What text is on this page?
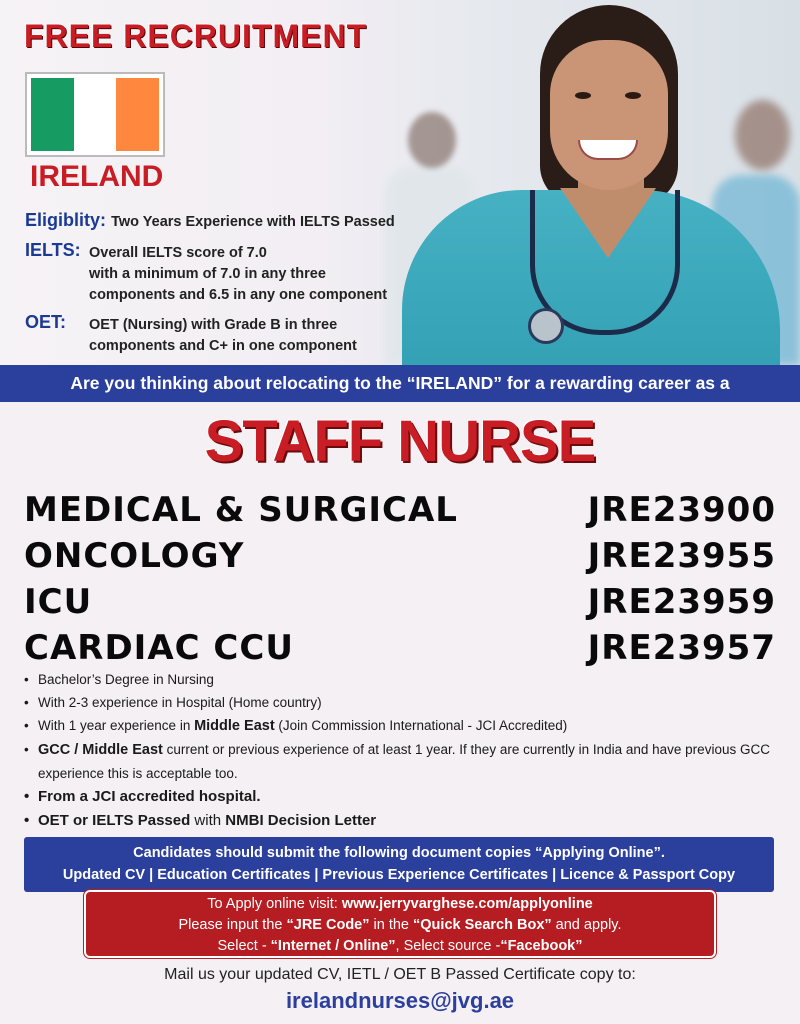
FREE RECRUITMENT
IRELAND
Eligiblity: Two Years Experience with IELTS Passed
IELTS: Overall IELTS score of 7.0
with a minimum of 7.0 in any three
components and 6.5 in any one component
OET: OET (Nursing) with Grade B in three
components and C+ in one component
Are you thinking about relocating to the “IRELAND” for a rewarding career as a
STAFF NURSE
MEDICAL & SURGICAL	JRE23900
ONCOLOGY	JRE23955
ICU	JRE23959
CARDIAC CCU	JRE23957
• Bachelor’s Degree in Nursing
• With 2-3 experience in Hospital (Home country)
• With 1 year experience in Middle East (Join Commission International - JCI Accredited)
• GCC / Middle East current or previous experience of at least 1 year. If they are currently in India and have previous GCC experience this is acceptable too.
• From a JCI accredited hospital.
• OET or IELTS Passed with NMBI Decision Letter
Candidates should submit the following document copies “Applying Online”.
Updated CV | Education Certificates | Previous Experience Certificates | Licence & Passport Copy
To Apply online visit: www.jerryvarghese.com/applyonline
Please input the “JRE Code” in the “Quick Search Box” and apply.
Select - “Internet / Online”, Select source -“Facebook”
Mail us your updated CV, IETL / OET B Passed Certificate copy to:
irelandnurses@jvg.ae
